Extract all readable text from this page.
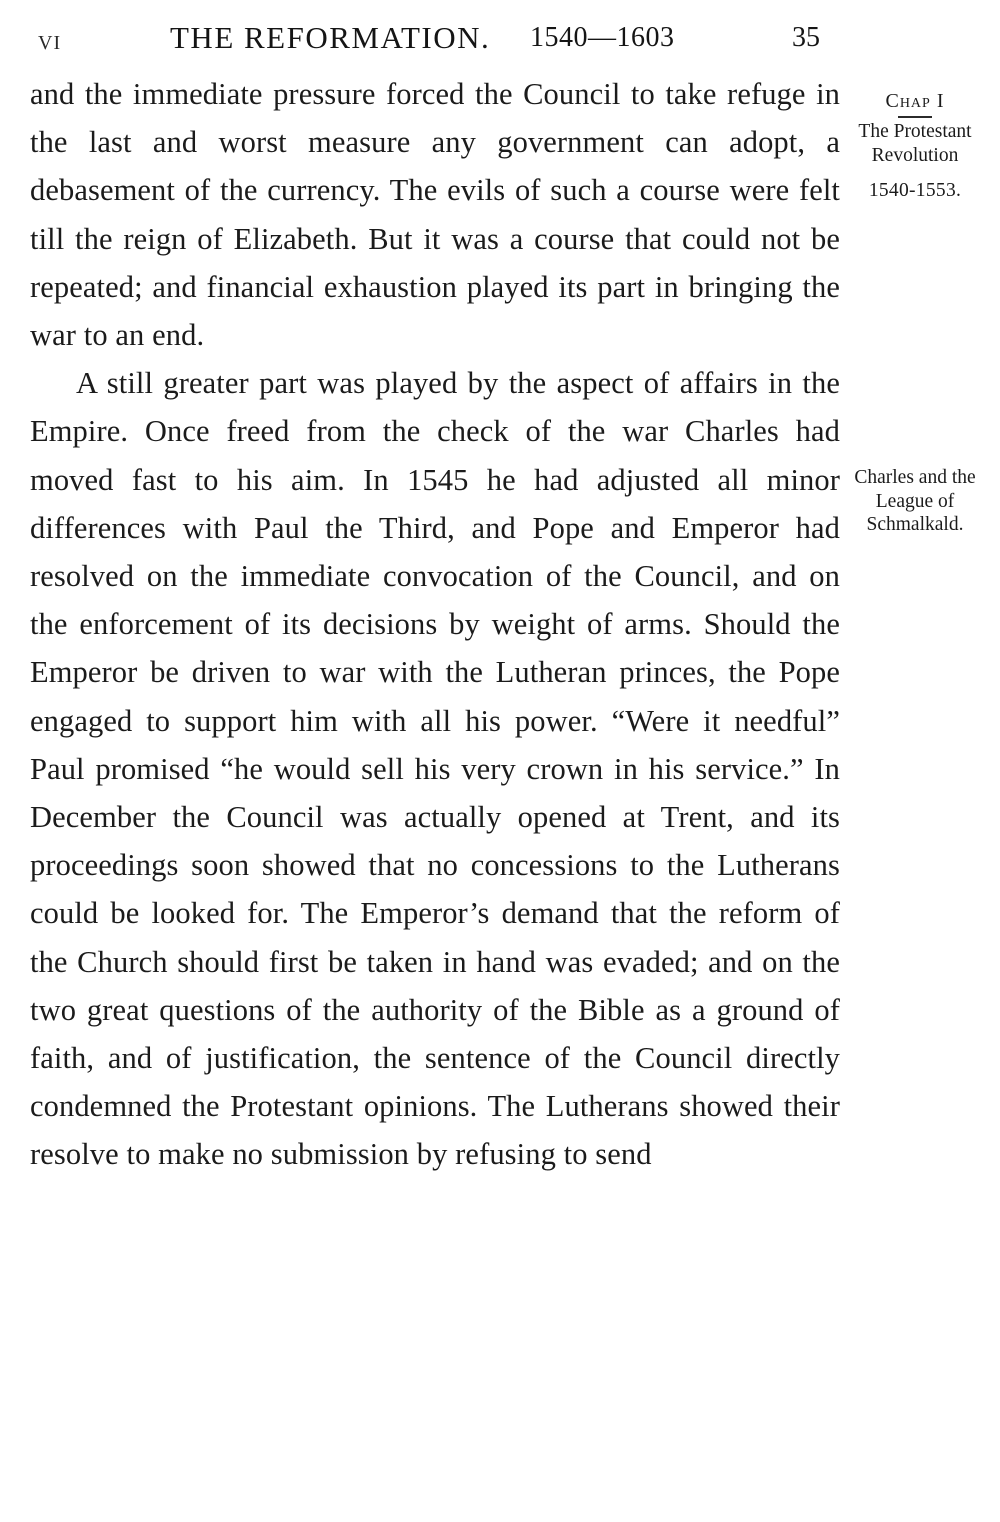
VI	THE REFORMATION. 1540—1603	35

and the immediate pressure forced the Council to take refuge in the last and worst measure any government can adopt, a debasement of the currency. The evils of such a course were felt till the reign of Elizabeth. But it was a course that could not be repeated; and financial exhaustion played its part in bringing the war to an end.

A still greater part was played by the aspect of affairs in the Empire. Once freed from the check of the war Charles had moved fast to his aim. In 1545 he had adjusted all minor differences with Paul the Third, and Pope and Emperor had resolved on the immediate convocation of the Council, and on the enforcement of its decisions by weight of arms. Should the Emperor be driven to war with the Lutheran princes, the Pope engaged to support him with all his power. “Were it needful” Paul promised “he would sell his very crown in his service.” In December the Council was actually opened at Trent, and its proceedings soon showed that no concessions to the Lutherans could be looked for. The Emperor’s demand that the reform of the Church should first be taken in hand was evaded; and on the two great questions of the authority of the Bible as a ground of faith, and of justification, the sentence of the Council directly condemned the Protestant opinions. The Lutherans showed their resolve to make no submission by refusing to send

Chap I
The Protestant Revolution
1540-1553.
Charles and the League of Schmalkald.
